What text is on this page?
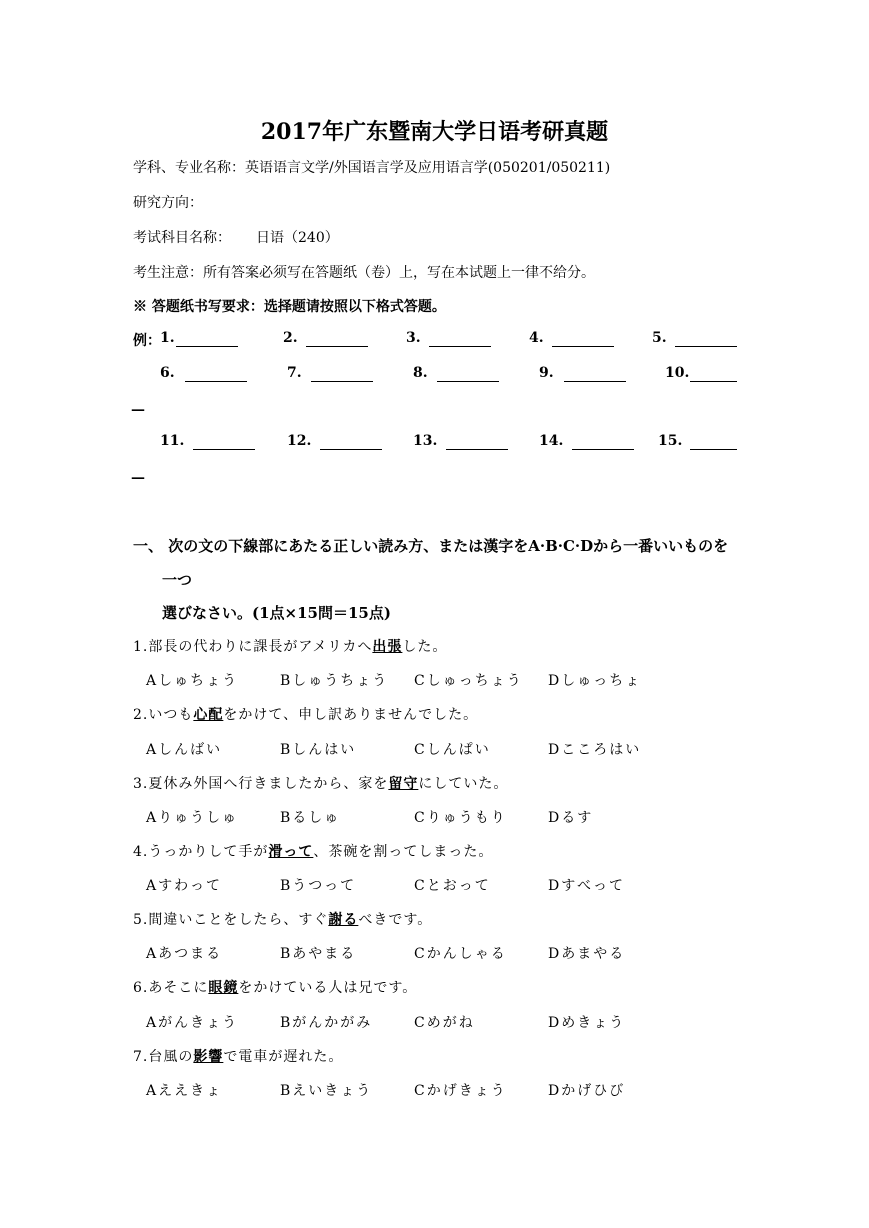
2017年广东暨南大学日语考研真题
学科、专业名称：英语语言文学/外国语言学及应用语言学(050201/050211)
研究方向：
考试科目名称： 日语（240）
考生注意：所有答案必须写在答题纸（卷）上，写在本试题上一律不给分。
※ 答题纸书写要求：选择题请按照以下格式答题。
例： 1.	2.	3.	4.	5.
6.	7.	8.	9.	10.
—
11.	12.	13.	14.	15.
—
一、 次の文の下線部にあたる正しい読み方、または漢字をA·B·C·Dから一番いいものを
一つ
選びなさい。(1点×15問＝15点)
1.部長の代わりに課長がアメリカへ出張した。
Aしゅちょう	Bしゅうちょう Cしゅっちょう Dしゅっちょ
2.いつも心配をかけて、申し訳ありませんでした。
Aしんばい	Bしんはい	Cしんぱい	Dこころはい
3.夏休み外国へ行きましたから、家を留守にしていた。
Aりゅうしゅ	Bるしゅ	Cりゅうもり	Dるす
4.うっかりして手が滑って、茶碗を割ってしまった。
Aすわって	Bうつって	Cとおって	Dすべって
5.間違いことをしたら、すぐ謝るべきです。
Aあつまる	Bあやまる	Cかんしゃる	Dあまやる
6.あそこに眼鏡をかけている人は兄です。
Aがんきょう	Bがんかがみ	Cめがね	Dめきょう
7.台風の影響で電車が遅れた。
Aええきょ	Bえいきょう	Cかげきょう	Dかげひび
